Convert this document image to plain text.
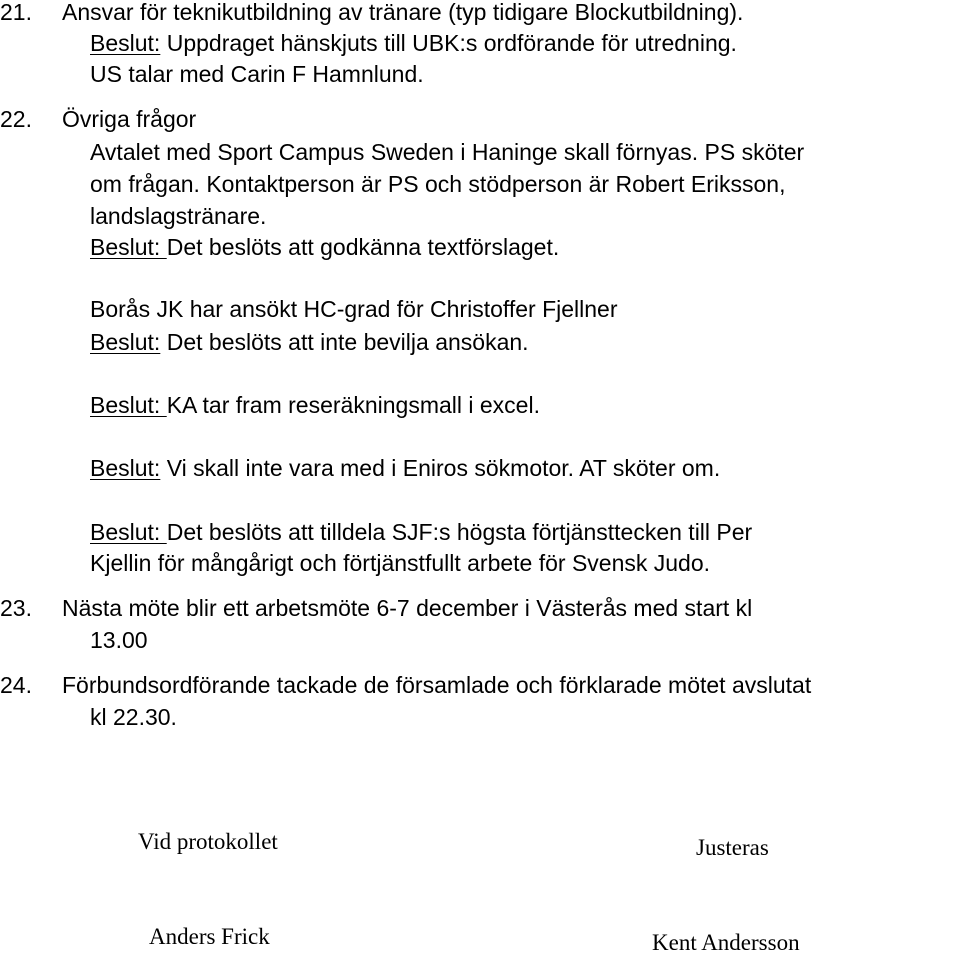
21. Ansvar för teknikutbildning av tränare (typ tidigare Blockutbildning).
Beslut: Uppdraget hänskjuts till UBK:s ordförande för utredning.
US talar med Carin F Hamnlund.
22. Övriga frågor
Avtalet med Sport Campus Sweden i Haninge skall förnyas. PS sköter
om frågan. Kontaktperson är PS och stödperson är Robert Eriksson,
landslagstränare.
Beslut: Det beslöts att godkänna textförslaget.
Borås JK har ansökt HC-grad för Christoffer Fjellner
Beslut: Det beslöts att inte bevilja ansökan.
Beslut: KA tar fram reseräkningsmall i excel.
Beslut: Vi skall inte vara med i Eniros sökmotor. AT sköter om.
Beslut: Det beslöts att tilldela SJF:s högsta förtjänsttecken till Per
Kjellin för mångårigt och förtjänstfullt arbete för Svensk Judo.
23. Nästa möte blir ett arbetsmöte 6-7 december i Västerås med start kl
13.00
24. Förbundsordförande tackade de församlade och förklarade mötet avslutat
kl 22.30.
Vid protokollet	Justeras
Anders Frick	Kent Andersson
